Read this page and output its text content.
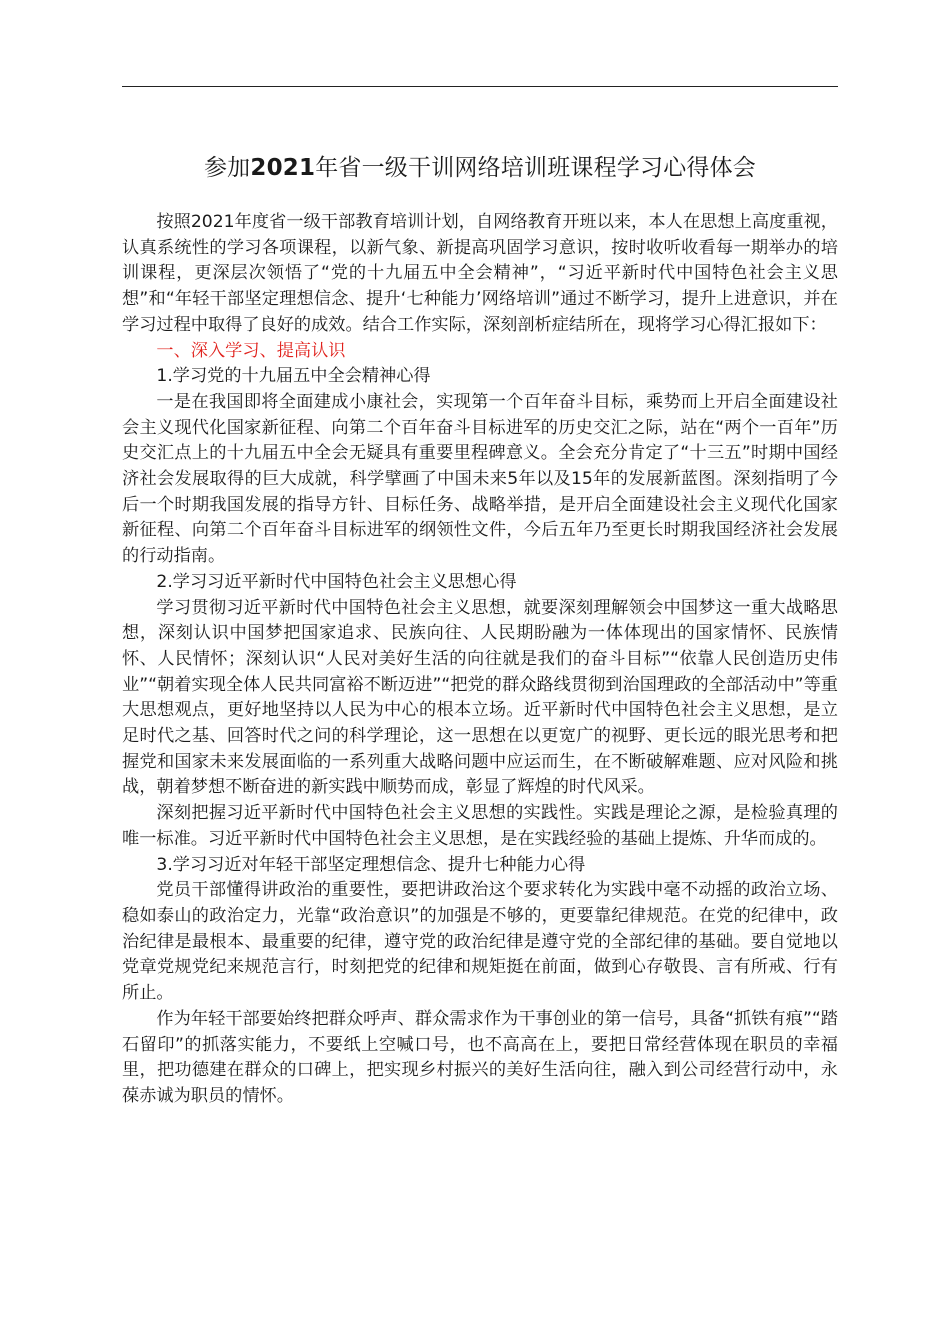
参加2021年省一级干训网络培训班课程学习心得体会

按照2021年度省一级干部教育培训计划，自网络教育开班以来，本人在思想上高度重视，认真系统性的学习各项课程，以新气象、新提高巩固学习意识，按时收听收看每一期举办的培训课程，更深层次领悟了“党的十九届五中全会精神”，“习近平新时代中国特色社会主义思想”和“年轻干部坚定理想信念、提升‘七种能力’网络培训”通过不断学习，提升上进意识，并在学习过程中取得了良好的成效。结合工作实际，深刻剖析症结所在，现将学习心得汇报如下：

一、深入学习、提高认识

1.学习党的十九届五中全会精神心得

一是在我国即将全面建成小康社会，实现第一个百年奋斗目标，乘势而上开启全面建设社会主义现代化国家新征程、向第二个百年奋斗目标进军的历史交汇之际，站在“两个一百年”历史交汇点上的十九届五中全会无疑具有重要里程碑意义。全会充分肯定了“十三五”时期中国经济社会发展取得的巨大成就，科学擘画了中国未来5年以及15年的发展新蓝图。深刻指明了今后一个时期我国发展的指导方针、目标任务、战略举措，是开启全面建设社会主义现代化国家新征程、向第二个百年奋斗目标进军的纲领性文件，今后五年乃至更长时期我国经济社会发展的行动指南。

2.学习习近平新时代中国特色社会主义思想心得

学习贯彻习近平新时代中国特色社会主义思想，就要深刻理解领会中国梦这一重大战略思想，深刻认识中国梦把国家追求、民族向往、人民期盼融为一体体现出的国家情怀、民族情怀、人民情怀；深刻认识“人民对美好生活的向往就是我们的奋斗目标”“依靠人民创造历史伟业”“朝着实现全体人民共同富裕不断迈进”“把党的群众路线贯彻到治国理政的全部活动中”等重大思想观点，更好地坚持以人民为中心的根本立场。近平新时代中国特色社会主义思想，是立足时代之基、回答时代之问的科学理论，这一思想在以更宽广的视野、更长远的眼光思考和把握党和国家未来发展面临的一系列重大战略问题中应运而生，在不断破解难题、应对风险和挑战，朝着梦想不断奋进的新实践中顺势而成，彰显了辉煌的时代风采。

深刻把握习近平新时代中国特色社会主义思想的实践性。实践是理论之源，是检验真理的唯一标准。习近平新时代中国特色社会主义思想，是在实践经验的基础上提炼、升华而成的。

3.学习习近对年轻干部坚定理想信念、提升七种能力心得

党员干部懂得讲政治的重要性，要把讲政治这个要求转化为实践中毫不动摇的政治立场、稳如泰山的政治定力，光靠“政治意识”的加强是不够的，更要靠纪律规范。在党的纪律中，政治纪律是最根本、最重要的纪律，遵守党的政治纪律是遵守党的全部纪律的基础。要自觉地以党章党规党纪来规范言行，时刻把党的纪律和规矩挺在前面，做到心存敬畏、言有所戒、行有所止。

作为年轻干部要始终把群众呼声、群众需求作为干事创业的第一信号，具备“抓铁有痕”“踏石留印”的抓落实能力，不要纸上空喊口号，也不高高在上，要把日常经营体现在职员的幸福里，把功德建在群众的口碑上，把实现乡村振兴的美好生活向往，融入到公司经营行动中，永葆赤诚为职员的情怀。
